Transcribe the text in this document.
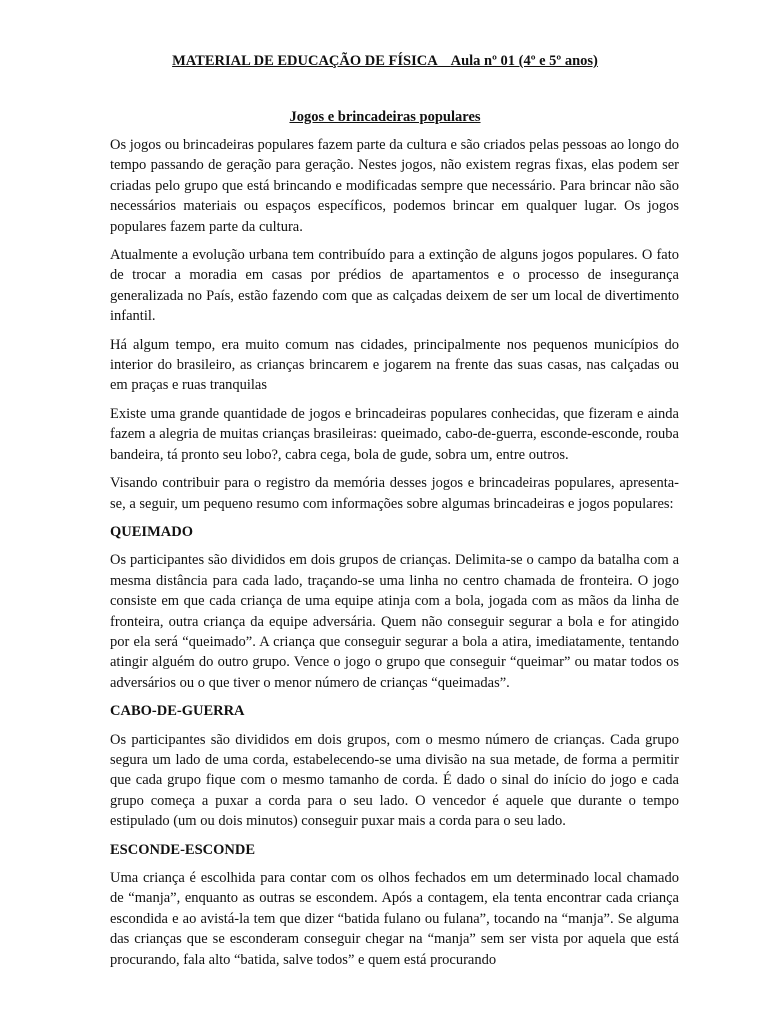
MATERIAL DE EDUCAÇÃO DE FÍSICA Aula nº 01 (4º e 5º anos)
Jogos e brincadeiras populares

Os jogos ou brincadeiras populares fazem parte da cultura e são criados pelas pessoas ao longo do tempo passando de geração para geração. Nestes jogos, não existem regras fixas, elas podem ser criadas pelo grupo que está brincando e modificadas sempre que necessário. Para brincar não são necessários materiais ou espaços específicos, podemos brincar em qualquer lugar. Os jogos populares fazem parte da cultura.

Atualmente a evolução urbana tem contribuído para a extinção de alguns jogos populares. O fato de trocar a moradia em casas por prédios de apartamentos e o processo de insegurança generalizada no País, estão fazendo com que as calçadas deixem de ser um local de divertimento infantil.

Há algum tempo, era muito comum nas cidades, principalmente nos pequenos municípios do interior do brasileiro, as crianças brincarem e jogarem na frente das suas casas, nas calçadas ou em praças e ruas tranquilas

Existe uma grande quantidade de jogos e brincadeiras populares conhecidas, que fizeram e ainda fazem a alegria de muitas crianças brasileiras: queimado, cabo-de-guerra, esconde-esconde, rouba bandeira, tá pronto seu lobo?, cabra cega, bola de gude, sobra um, entre outros.

Visando contribuir para o registro da memória desses jogos e brincadeiras populares, apresenta-se, a seguir, um pequeno resumo com informações sobre algumas brincadeiras e jogos populares:

QUEIMADO

Os participantes são divididos em dois grupos de crianças. Delimita-se o campo da batalha com a mesma distância para cada lado, traçando-se uma linha no centro chamada de fronteira. O jogo consiste em que cada criança de uma equipe atinja com a bola, jogada com as mãos da linha de fronteira, outra criança da equipe adversária. Quem não conseguir segurar a bola e for atingido por ela será “queimado”. A criança que conseguir segurar a bola a atira, imediatamente, tentando atingir alguém do outro grupo. Vence o jogo o grupo que conseguir “queimar” ou matar todos os adversários ou o que tiver o menor número de crianças “queimadas”.

CABO-DE-GUERRA

Os participantes são divididos em dois grupos, com o mesmo número de crianças. Cada grupo segura um lado de uma corda, estabelecendo-se uma divisão na sua metade, de forma a permitir que cada grupo fique com o mesmo tamanho de corda. É dado o sinal do início do jogo e cada grupo começa a puxar a corda para o seu lado. O vencedor é aquele que durante o tempo estipulado (um ou dois minutos) conseguir puxar mais a corda para o seu lado.

ESCONDE-ESCONDE

Uma criança é escolhida para contar com os olhos fechados em um determinado local chamado de “manja”, enquanto as outras se escondem. Após a contagem, ela tenta encontrar cada criança escondida e ao avistá-la tem que dizer “batida fulano ou fulana”, tocando na “manja”. Se alguma das crianças que se esconderam conseguir chegar na “manja” sem ser vista por aquela que está procurando, fala alto “batida, salve todos” e quem está procurando
